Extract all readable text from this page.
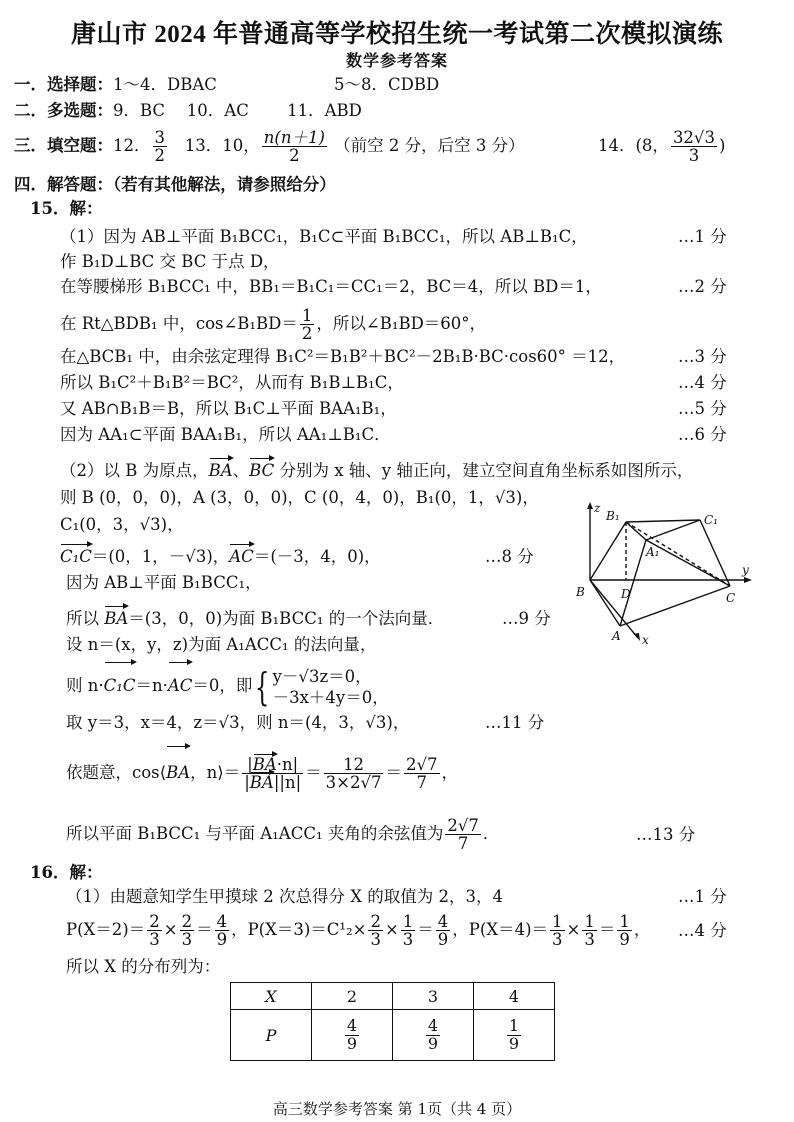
唐山市 2024 年普通高等学校招生统一考试第二次模拟演练
数学参考答案
一．选择题：1～4．DBAC	5～8．CDBD
二．多选题：9．BC　 10．AC　　 11．ABD
三．填空题：12． $\frac{3}{2} 13$．10， $\frac{n(n+1)}{2}$ （前空 2 分，后空 3 分）	14．(8， $\frac{32√3}{3}$ )
四．解答题：（若有其他解法，请参照给分）
15．解：
（1）因为 AB⊥平面 B₁BCC₁，B₁C⊂平面 B₁BCC₁，所以 AB⊥B₁C，	…1 分
作 B₁D⊥BC 交 BC 于点 D，
在等腰梯形 B₁BCC₁ 中，BB₁＝B₁C₁＝CC₁＝2，BC＝4，所以 BD＝1，	…2 分
在 Rt△BDB₁ 中，cos∠B₁BD＝ $\frac{1}{2}$ ，所以∠B₁BD＝60°，
在△BCB₁ 中，由余弦定理得 B₁C²＝B₁B²＋BC²－2B₁B·BC·cos60° ＝12，	…3 分
所以 B₁C²＋B₁B²＝BC²，从而有 B₁B⊥B₁C，	…4 分
又 AB∩B₁B＝B，所以 B₁C⊥平面 BAA₁B₁，	…5 分
因为 AA₁⊂平面 BAA₁B₁，所以 AA₁⊥B₁C．	…6 分
（2）以 B 为原点，BA、BC 分别为 x 轴、y 轴正向，建立空间直角坐标系如图所示，
则 B (0，0，0)，A (3，0，0)，C (0，4，0)，B₁(0，1，√3)，
C₁(0，3，√3)，
C₁C＝(0，1，－√3)，AC＝(－3，4，0)，	…8 分
因为 AB⊥平面 B₁BCC₁，
所以 BA＝(3，0，0)为面 B₁BCC₁ 的一个法向量．	…9 分
设 n＝(x，y，z)为面 A₁ACC₁ 的法向量，
则 n·C₁C＝n·AC＝0，即{ y－√3z＝0，
－3x＋4y＝0，
取 y＝3，x＝4，z＝√3，则 n＝(4，3，√3)，	…11 分
依题意，cos⟨BA，n⟩＝ $\frac{|BA\cdot n|}{|BA||n|} = \frac{12}{3\times 2√7} = \frac{2√7}{7}$ ，
所以平面 B₁BCC₁ 与平面 A₁ACC₁ 夹角的余弦值为 $\frac{2√7}{7}$ ．	…13 分
16．解：
（1）由题意知学生甲摸球 2 次总得分 X 的取值为 2，3，4	…1 分
$P(X=2)= \frac{2}{3} \times \frac{2}{3} = \frac{4}{9}$ ，$P(X=3)=C^1_2\times \frac{2}{3} \times \frac{1}{3} = \frac{4}{9}$ ，$P(X=4)= \frac{1}{3} \times \frac{1}{3} = \frac{1}{9}$ ， …4 分
所以 X 的分布列为：
X	2	3	4
P	$\frac{4}{9}$	$\frac{4}{9}$	$\frac{1}{9}$
z
B₁	C₁
A₁
y
B	D	C
A x
高三数学参考答案 第 1页（共 4 页）
